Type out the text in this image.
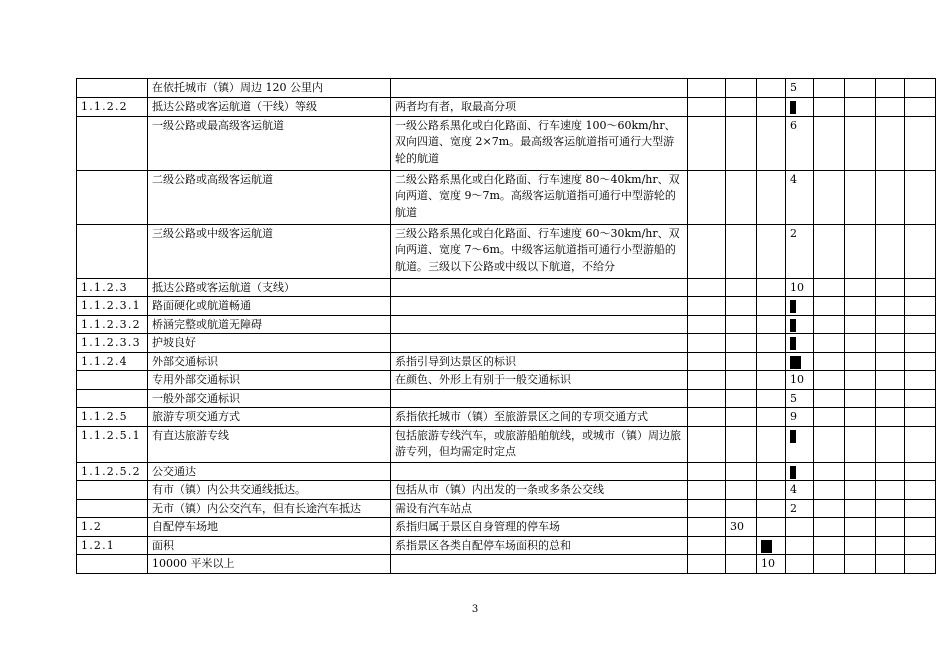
	在依托城市（镇）周边 120 公里内					5				
1.1.2.2	抵达公路或客运航道（干线）等级	两者均有者，取最高分项								
	一级公路或最高级客运航道	一级公路系黑化或白化路面、行车速度 100～60km/hr、双向四道、宽度 2×7m。最高级客运航道指可通行大型游轮的航道				6				
	二级公路或高级客运航道	二级公路系黑化或白化路面、行车速度 80～40km/hr、双向两道、宽度 9～7m。高级客运航道指可通行中型游轮的航道				4				
	三级公路或中级客运航道	三级公路系黑化或白化路面、行车速度 60～30km/hr、双向两道、宽度 7～6m。中级客运航道指可通行小型游船的航道。三级以下公路或中级以下航道，不给分				2				
1.1.2.3	抵达公路或客运航道（支线）					10				
1.1.2.3.1	路面硬化或航道畅通									
1.1.2.3.2	桥涵完整或航道无障碍									
1.1.2.3.3	护坡良好									
1.1.2.4	外部交通标识	系指引导到达景区的标识								
	专用外部交通标识	在颜色、外形上有别于一般交通标识				10				
	一般外部交通标识					5				
1.1.2.5	旅游专项交通方式	系指依托城市（镇）至旅游景区之间的专项交通方式				9				
1.1.2.5.1	有直达旅游专线	包括旅游专线汽车，或旅游船舶航线，或城市（镇）周边旅游专列，但均需定时定点								
1.1.2.5.2	公交通达									
	有市（镇）内公共交通线抵达。	包括从市（镇）内出发的一条或多条公交线				4				
	无市（镇）内公交汽车，但有长途汽车抵达	需设有汽车站点				2				
1.2	自配停车场地	系指归属于景区自身管理的停车场		30						
1.2.1	面积	系指景区各类自配停车场面积的总和								
	10000 平米以上				10					
3
